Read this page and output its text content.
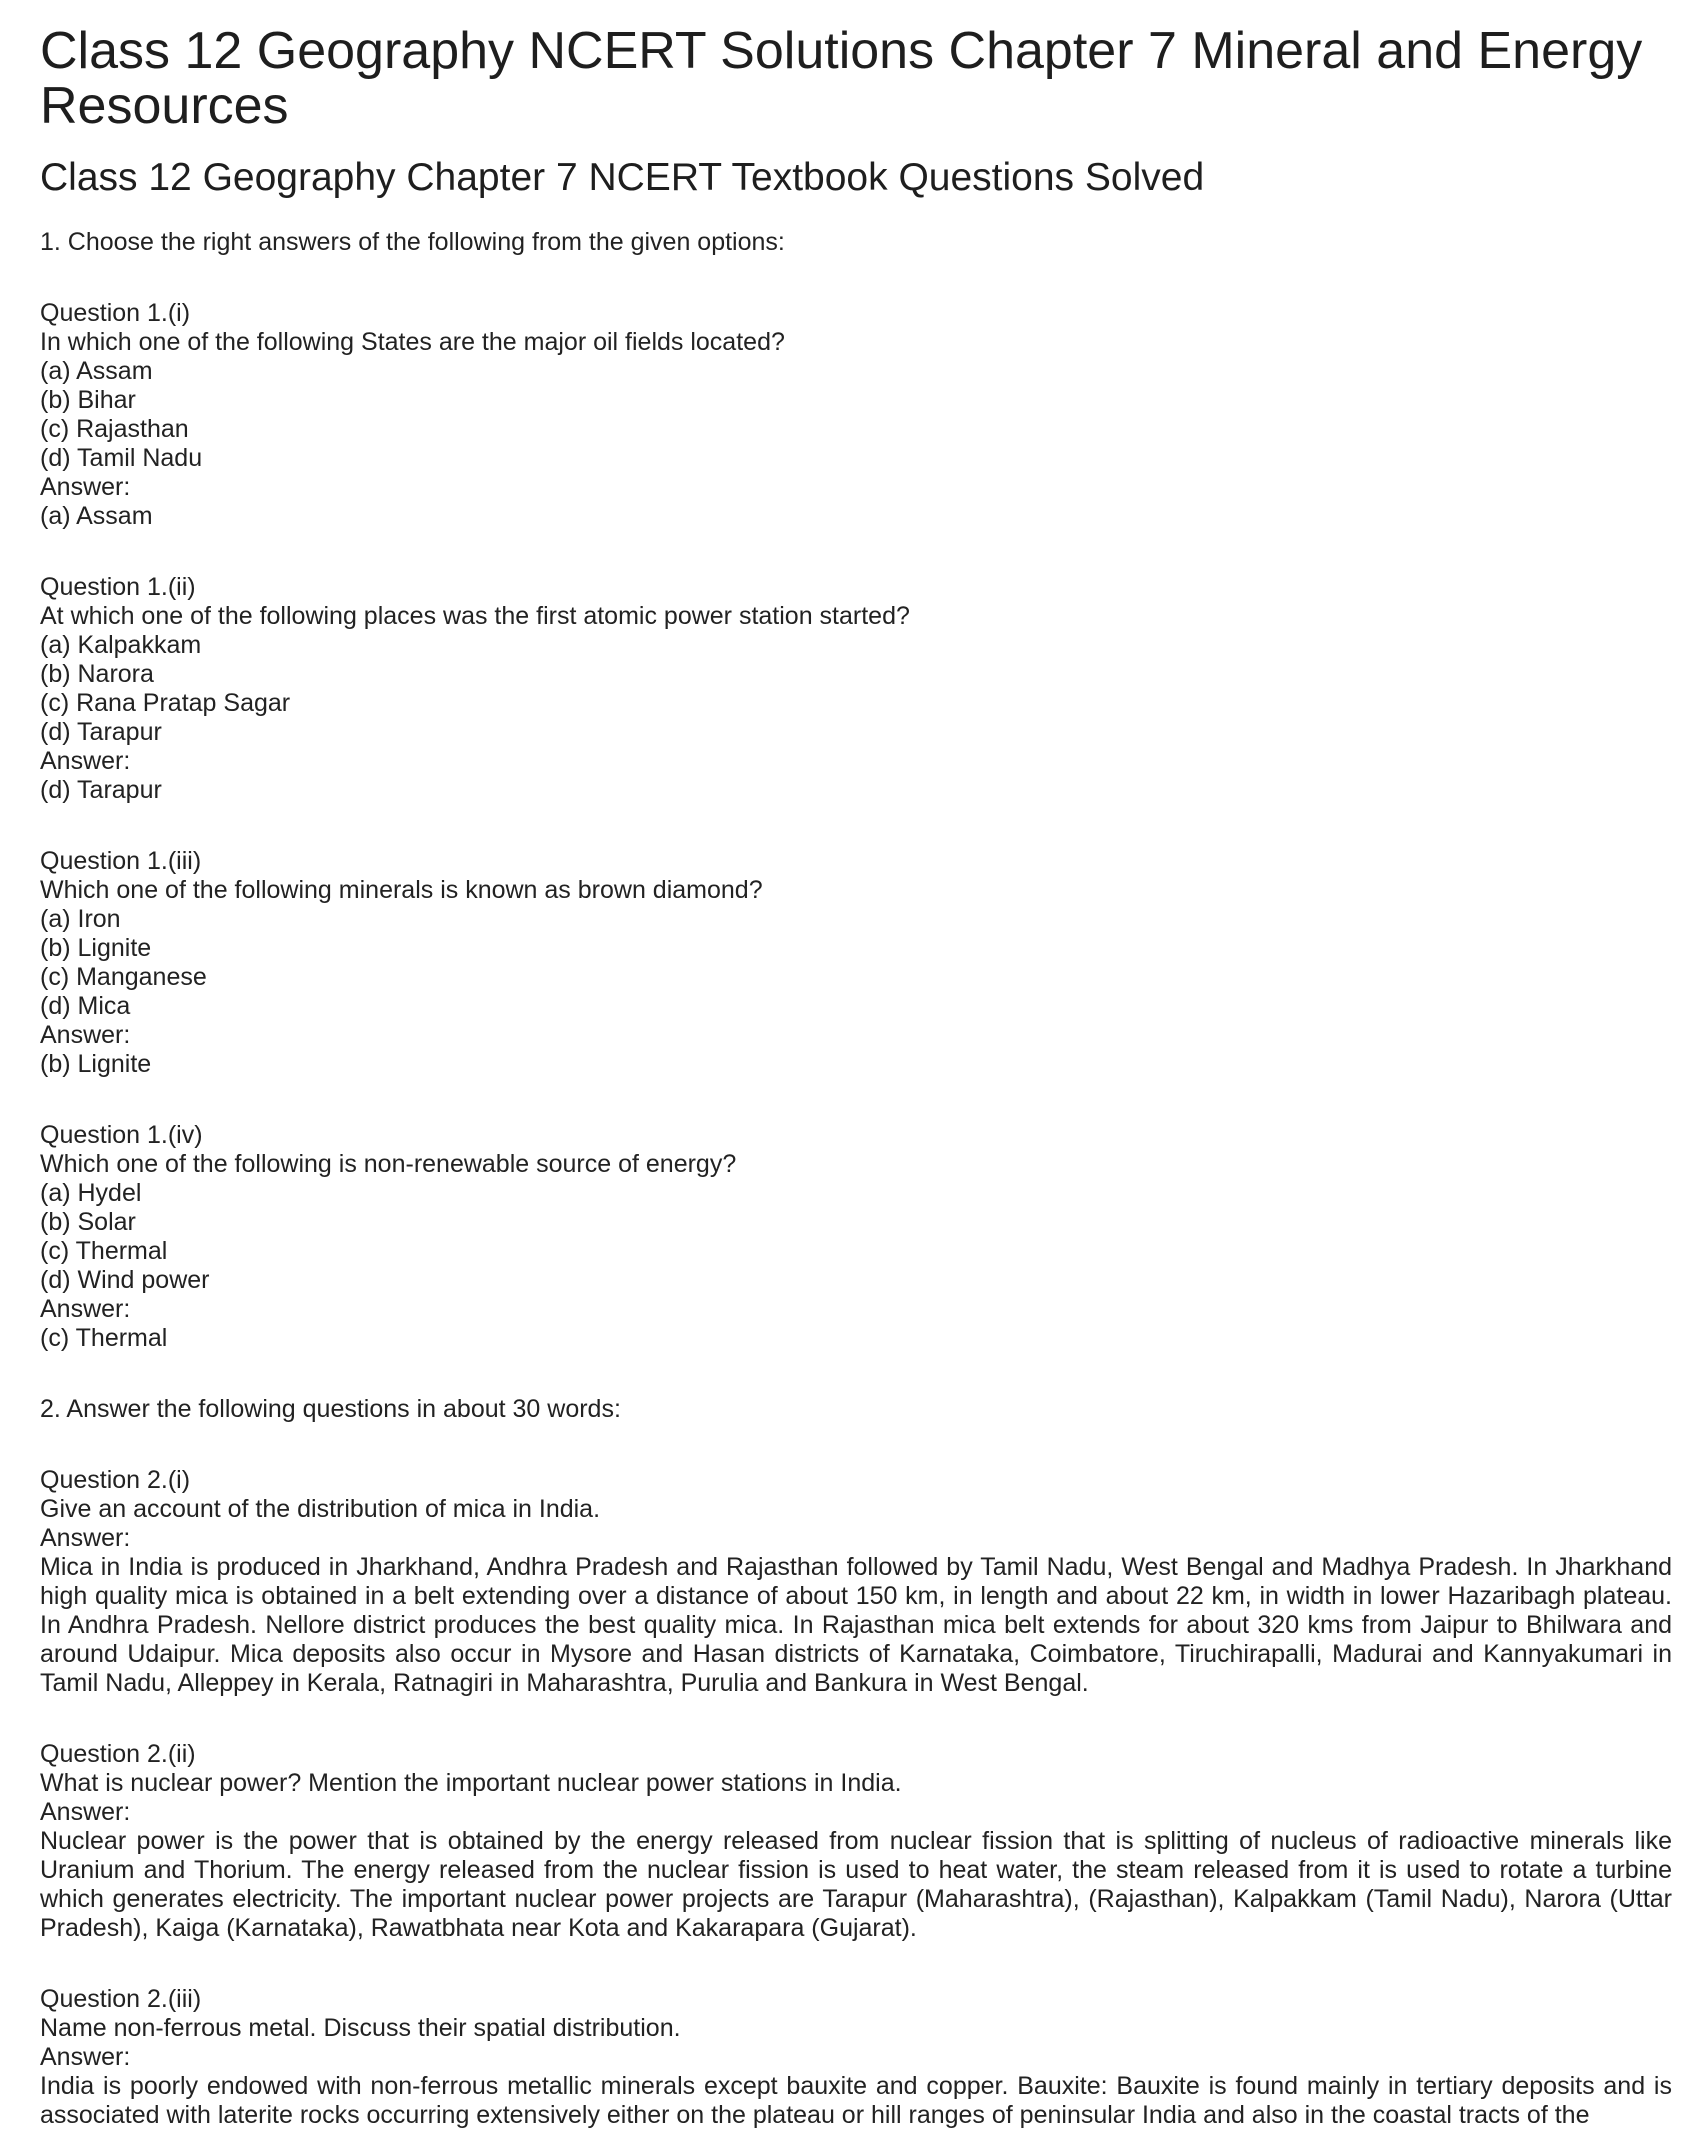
Class 12 Geography NCERT Solutions Chapter 7 Mineral and Energy Resources
Class 12 Geography Chapter 7 NCERT Textbook Questions Solved
1. Choose the right answers of the following from the given options:
Question 1.(i)
In which one of the following States are the major oil fields located?
(a) Assam
(b) Bihar
(c) Rajasthan
(d) Tamil Nadu
Answer:
(a) Assam
Question 1.(ii)
At which one of the following places was the first atomic power station started?
(a) Kalpakkam
(b) Narora
(c) Rana Pratap Sagar
(d) Tarapur
Answer:
(d) Tarapur
Question 1.(iii)
Which one of the following minerals is known as brown diamond?
(a) Iron
(b) Lignite
(c) Manganese
(d) Mica
Answer:
(b) Lignite
Question 1.(iv)
Which one of the following is non-renewable source of energy?
(a) Hydel
(b) Solar
(c) Thermal
(d) Wind power
Answer:
(c) Thermal
2. Answer the following questions in about 30 words:
Question 2.(i)
Give an account of the distribution of mica in India.
Answer:
Mica in India is produced in Jharkhand, Andhra Pradesh and Rajasthan followed by Tamil Nadu, West Bengal and Madhya Pradesh. In Jharkhand high quality mica is obtained in a belt extending over a distance of about 150 km, in length and about 22 km, in width in lower Hazaribagh plateau. In Andhra Pradesh. Nellore district produces the best quality mica. In Rajasthan mica belt extends for about 320 kms from Jaipur to Bhilwara and around Udaipur. Mica deposits also occur in Mysore and Hasan districts of Karnataka, Coimbatore, Tiruchirapalli, Madurai and Kannyakumari in Tamil Nadu, Alleppey in Kerala, Ratnagiri in Maharashtra, Purulia and Bankura in West Bengal.
Question 2.(ii)
What is nuclear power? Mention the important nuclear power stations in India.
Answer:
Nuclear power is the power that is obtained by the energy released from nuclear fission that is splitting of nucleus of radioactive minerals like Uranium and Thorium. The energy released from the nuclear fission is used to heat water, the steam released from it is used to rotate a turbine which generates electricity. The important nuclear power projects are Tarapur (Maharashtra), (Rajasthan), Kalpakkam (Tamil Nadu), Narora (Uttar Pradesh), Kaiga (Karnataka), Rawatbhata near Kota and Kakarapara (Gujarat).
Question 2.(iii)
Name non-ferrous metal. Discuss their spatial distribution.
Answer:
India is poorly endowed with non-ferrous metallic minerals except bauxite and copper. Bauxite: Bauxite is found mainly in tertiary deposits and is associated with laterite rocks occurring extensively either on the plateau or hill ranges of peninsular India and also in the coastal tracts of the
